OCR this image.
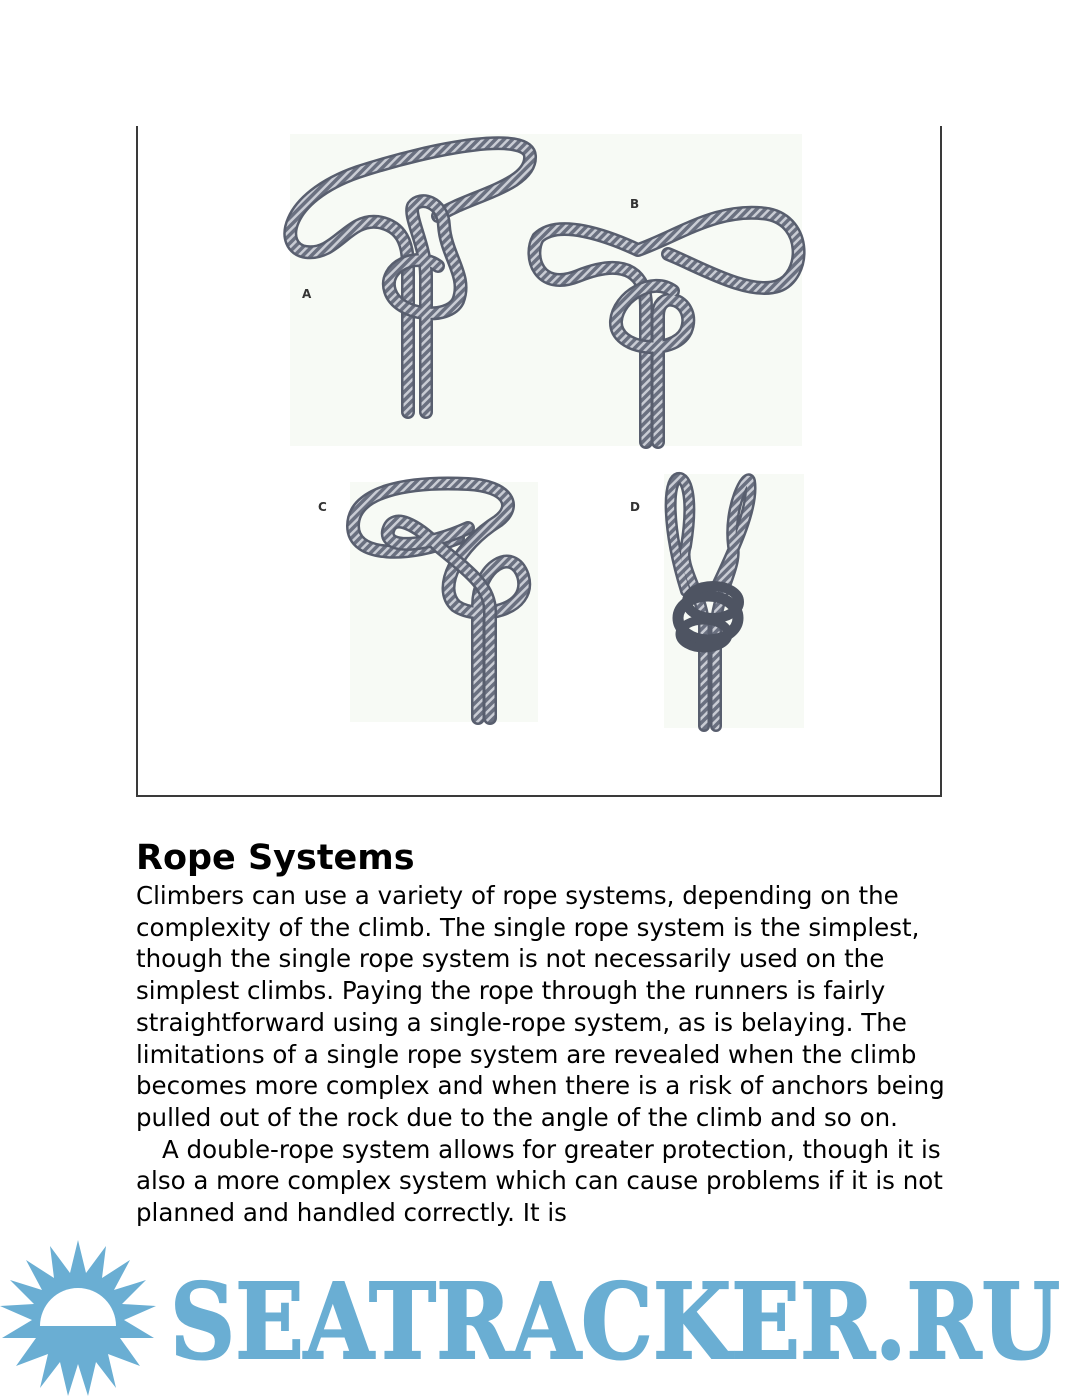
A
B
C	D
Rope Systems

Climbers can use a variety of rope systems, depending on the complexity of the climb. The single rope system is the simplest, though the single rope system is not necessarily used on the simplest climbs. Paying the rope through the runners is fairly straightforward using a single-rope system, as is belaying. The limitations of a single rope system are revealed when the climb becomes more complex and when there is a risk of anchors being pulled out of the rock due to the angle of the climb and so on.

A double-rope system allows for greater protection, though it is also a more complex system which can cause problems if it is not planned and handled correctly. It is

SEATRACKER.RU
